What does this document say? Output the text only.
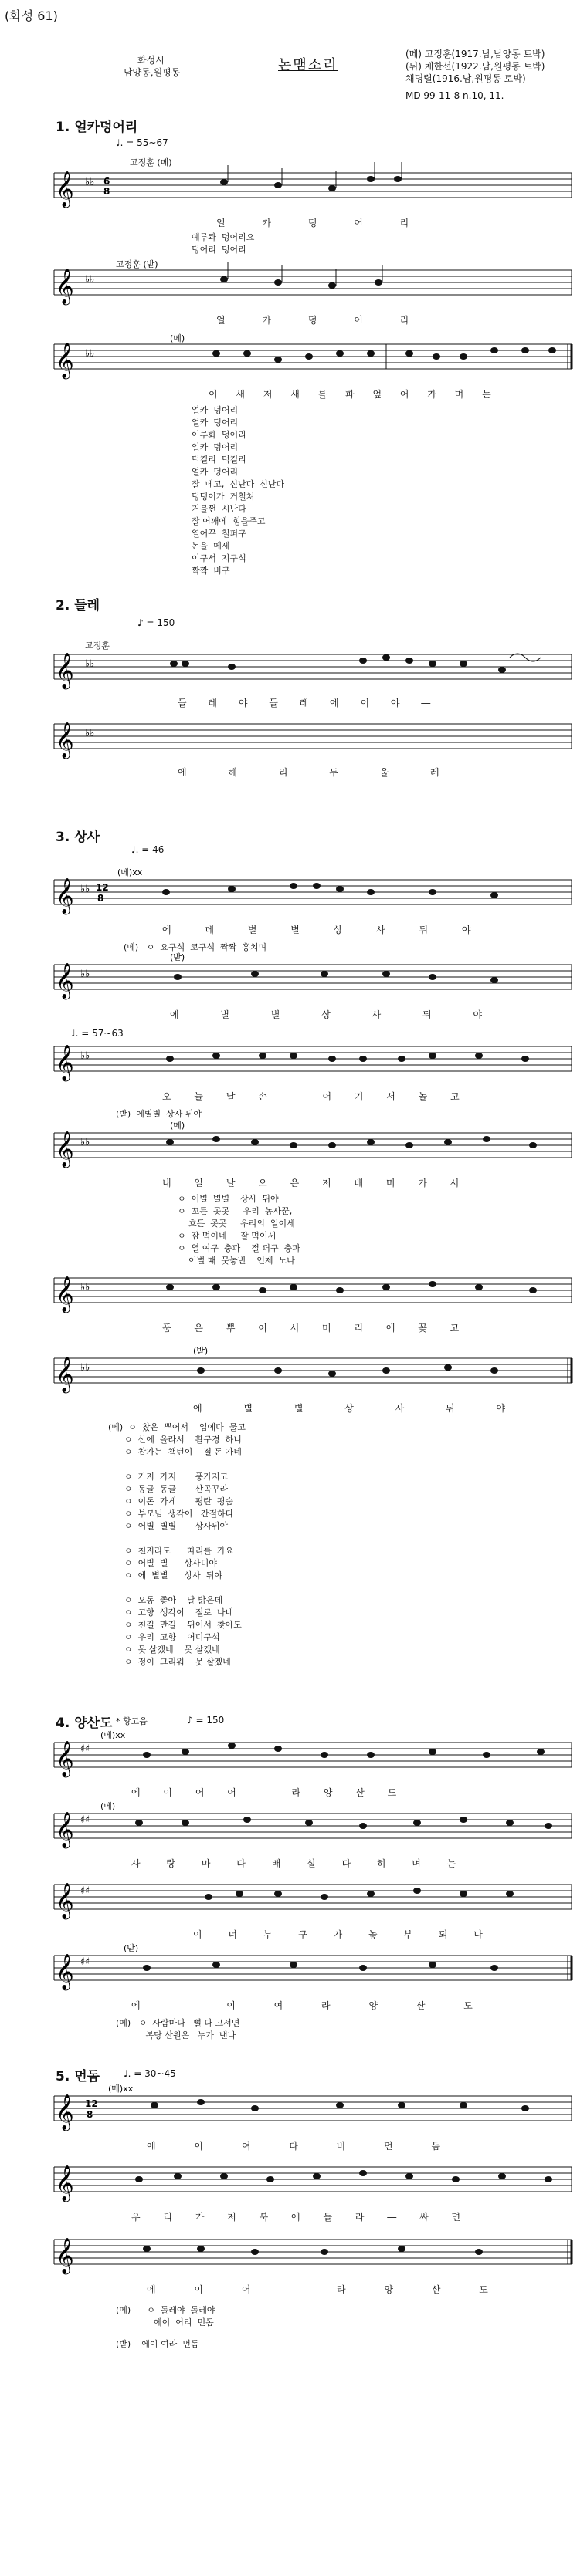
(화성 61)
화성시
남양동,원평동	논맴소리
(메) 고정훈(1917.남,남양동 토박)
(뒤) 채한선(1922.남,원평동 토박)
채명렬(1916.남,원평동 토박)
MD 99-11-8 n.10, 11.
1. 얼카덩어리
♩. = 55~67
고정훈 (메)
𝄞 ♭♭ 6
8
얼 카 덩 어 리
예루콰  덩어리요
덩어리  덩어리
𝄞 ♭♭
고정훈 (받)
얼 카 덩 어 리
𝄞 ♭♭
(메)
이 새 저 새 를 파 엎 어 가 며 는
얼카  덩어리
얼카  덩어리
어루화  덩어리
얼카  덩어리
덕컬리  덕컬리
얼카  덩어리
잘  메고,  신난다  신난다
덩덩이가  거철쳐
거불쩐  시난다
잘 어깨에  힘을주고
열어꾸  철퍼구
논을  메세
이구서  지구석
짝짝  비구
2. 들레
♪ = 150
고정훈
𝄞 ♭♭
들 레 야 들 레 에 이 야 ―
𝄞 ♭♭
에 헤 리 두 울 레
3. 상사
♩. = 46
𝄞 ♭♭ 12
8
(메)xx
에 데 별 별 상 사 뒤 야
(메)   ㅇ  요구석  코구석  짝짝  홍치며
𝄞 ♭♭
(받)
에 별 별 상 사 뒤 야
♩. = 57~63
𝄞 ♭♭
오 늘 날 손 ― 어 기 서 놀 고
(받)  에별별  상사 뒤야
𝄞 ♭♭
(메)
내 일 날 으 은 저 배 미 가 서
ㅇ  어별  별별    상사  뒤야
ㅇ  꼬든  곳곳     우리  농사꾼,
흐든  곳곳     우리의  일이세
ㅇ  잠 먹이네     잘 먹이세
ㅇ  열 여구  충파    절 퍼구  충파
이벌 때  뭇놓빈    언제  노나
𝄞 ♭♭
품 은 뿌 어 서 머 리 에 꽂 고
𝄞 ♭♭
(받)
에 별 별 상 사 뒤 야
(메)  ㅇ  찼은  뿌어서    입에다  물고
ㅇ  산에  올라서    활구경  하니
ㅇ  찹가는  책턴이    절 돈 가네

ㅇ  가지  가지       풍가지고
ㅇ  동글  동글       산곡꾸라
ㅇ  이돈  가게       평란  평숨
ㅇ  부모님  생각이   간절하다
ㅇ  어별  별별       상사뒤야

ㅇ  천지라도      따리를  가요
ㅇ  어별  별      상사디야
ㅇ  에  별별      상사  뒤야

ㅇ  오동  좋아    달 밝은데
ㅇ  고향  생각이    절로  나네
ㅇ  천길  만길    뒤어서  찾아도
ㅇ  우리  고향    어디구석
ㅇ  못 살겠네    못 살겠네
ㅇ  정이  그리워    못 살겠네
4. 양산도 * 황고음	♪ = 150
𝄞 ♯♯
(메)xx
에 이 어 어 ― 라 양 산 도
𝄞 ♯♯
(메)
사 랑 마 다 배 실 다 히 며 는
𝄞 ♯♯
이 너 누 구 가 놓 부 되 나
𝄞 ♯♯
(받)
에 ― 이 여 라 양 산 도
(메)   ㅇ  사람마다   뻘 다 고서면
복당 산원은   누가  낸나
5. 먼돔	♩. = 30~45
𝄞 12
8
(메)xx
에 이 여 다 비 먼 돔
𝄞
우 리 가 저 북 에 들 라 ― 싸 면
𝄞
에 이 어 ― 라 양 산 도
(메)      ㅇ  돌레야  돌레야
에이  어리  먼돔
(받)    에이 여라  먼돔
